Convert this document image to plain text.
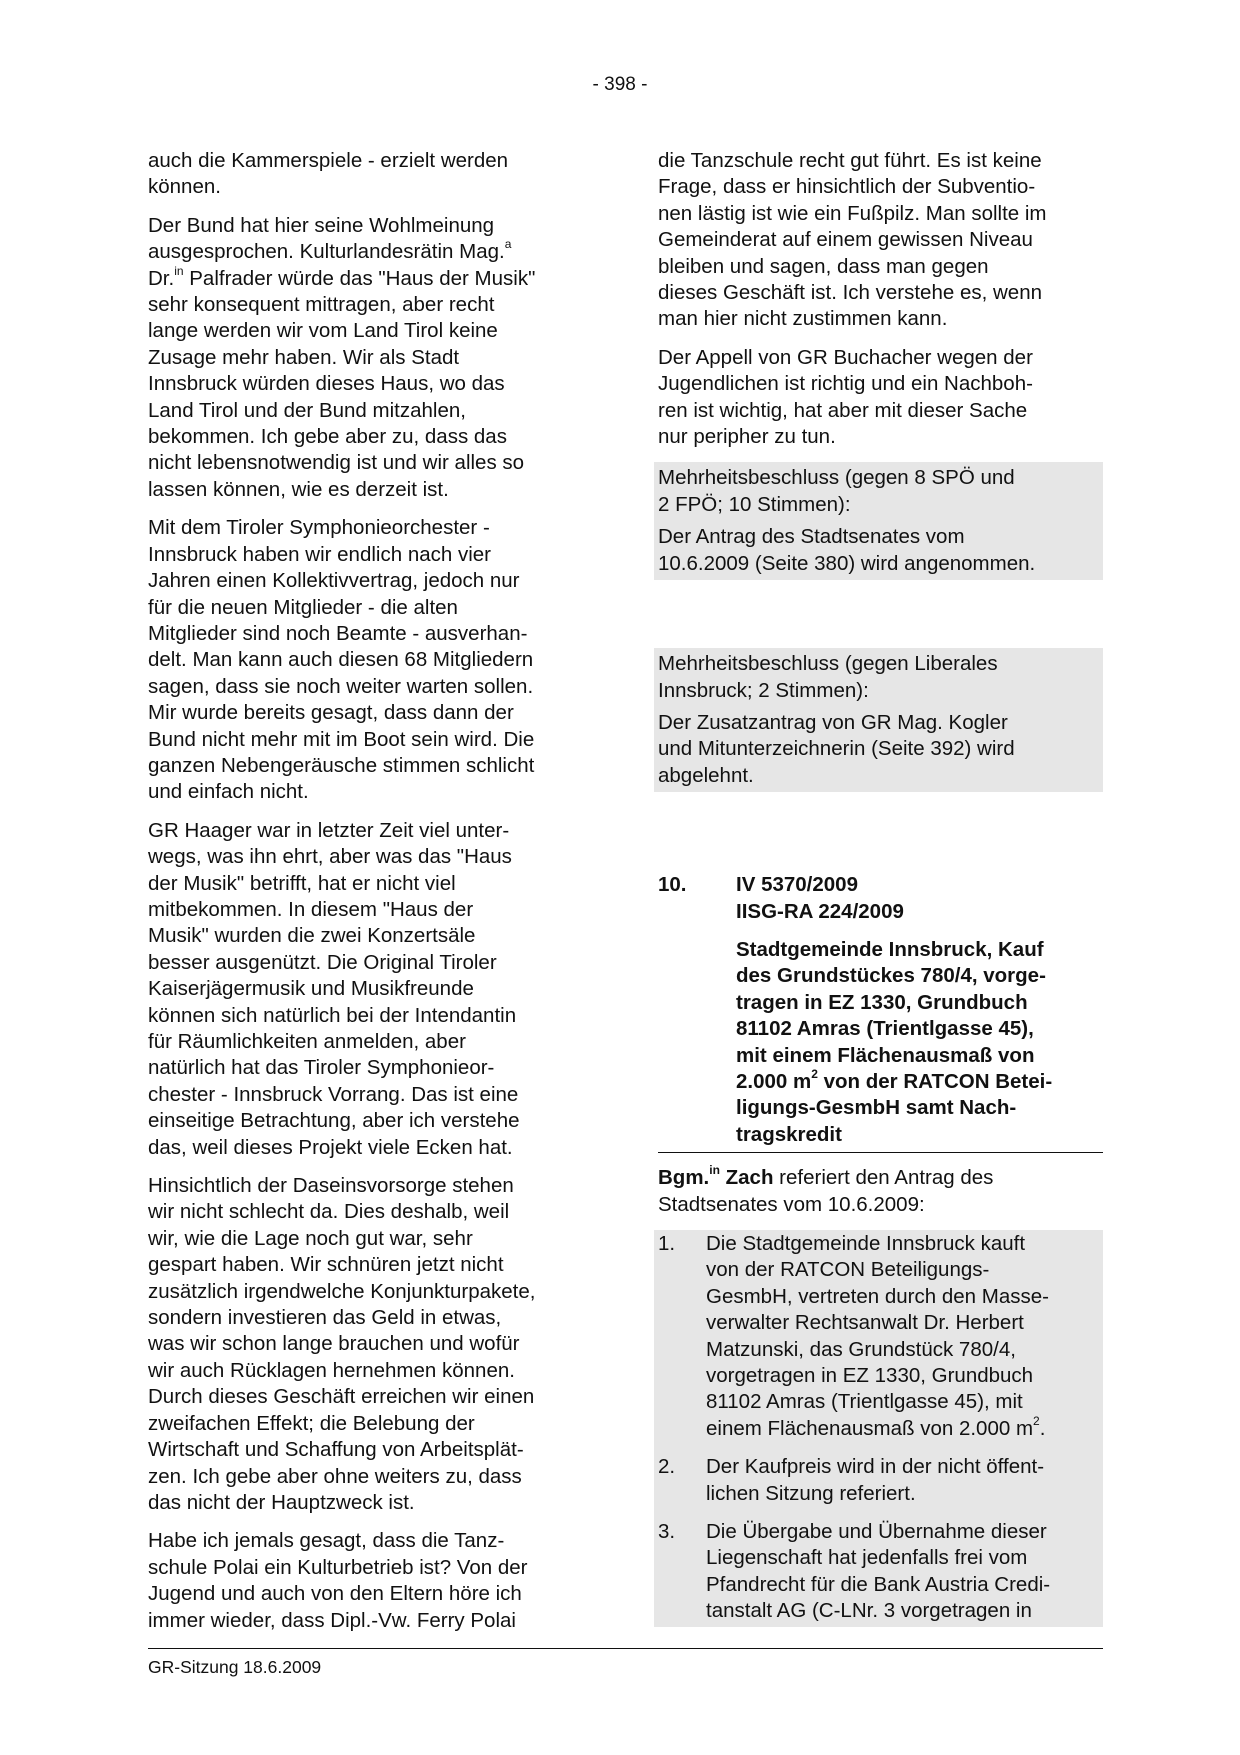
- 398 -

auch die Kammerspiele - erzielt werden
können.

Der Bund hat hier seine Wohlmeinung
ausgesprochen. Kulturlandesrätin Mag.$^a$
Dr.$^{in}$ Palfrader würde das "Haus der Musik"
sehr konsequent mittragen, aber recht
lange werden wir vom Land Tirol keine
Zusage mehr haben. Wir als Stadt
Innsbruck würden dieses Haus, wo das
Land Tirol und der Bund mitzahlen,
bekommen. Ich gebe aber zu, dass das
nicht lebensnotwendig ist und wir alles so
lassen können, wie es derzeit ist.

Mit dem Tiroler Symphonieorchester -
Innsbruck haben wir endlich nach vier
Jahren einen Kollektivvertrag, jedoch nur
für die neuen Mitglieder - die alten
Mitglieder sind noch Beamte - ausverhan-
delt. Man kann auch diesen 68 Mitgliedern
sagen, dass sie noch weiter warten sollen.
Mir wurde bereits gesagt, dass dann der
Bund nicht mehr mit im Boot sein wird. Die
ganzen Nebengeräusche stimmen schlicht
und einfach nicht.

GR Haager war in letzter Zeit viel unter-
wegs, was ihn ehrt, aber was das "Haus
der Musik" betrifft, hat er nicht viel
mitbekommen. In diesem "Haus der
Musik" wurden die zwei Konzertsäle
besser ausgenützt. Die Original Tiroler
Kaiserjägermusik und Musikfreunde
können sich natürlich bei der Intendantin
für Räumlichkeiten anmelden, aber
natürlich hat das Tiroler Symphonieor-
chester - Innsbruck Vorrang. Das ist eine
einseitige Betrachtung, aber ich verstehe
das, weil dieses Projekt viele Ecken hat.

Hinsichtlich der Daseinsvorsorge stehen
wir nicht schlecht da. Dies deshalb, weil
wir, wie die Lage noch gut war, sehr
gespart haben. Wir schnüren jetzt nicht
zusätzlich irgendwelche Konjunkturpakete,
sondern investieren das Geld in etwas,
was wir schon lange brauchen und wofür
wir auch Rücklagen hernehmen können.
Durch dieses Geschäft erreichen wir einen
zweifachen Effekt; die Belebung der
Wirtschaft und Schaffung von Arbeitsplät-
zen. Ich gebe aber ohne weiters zu, dass
das nicht der Hauptzweck ist.

Habe ich jemals gesagt, dass die Tanz-
schule Polai ein Kulturbetrieb ist? Von der
Jugend und auch von den Eltern höre ich
immer wieder, dass Dipl.-Vw. Ferry Polai

die Tanzschule recht gut führt. Es ist keine
Frage, dass er hinsichtlich der Subventio-
nen lästig ist wie ein Fußpilz. Man sollte im
Gemeinderat auf einem gewissen Niveau
bleiben und sagen, dass man gegen
dieses Geschäft ist. Ich verstehe es, wenn
man hier nicht zustimmen kann.

Der Appell von GR Buchacher wegen der
Jugendlichen ist richtig und ein Nachboh-
ren ist wichtig, hat aber mit dieser Sache
nur peripher zu tun.

Mehrheitsbeschluss (gegen 8 SPÖ und
2 FPÖ; 10 Stimmen):

Der Antrag des Stadtsenates vom
10.6.2009 (Seite 380) wird angenommen.

Mehrheitsbeschluss (gegen Liberales
Innsbruck; 2 Stimmen):

Der Zusatzantrag von GR Mag. Kogler
und Mitunterzeichnerin (Seite 392) wird
abgelehnt.

10.	IV 5370/2009
IISG-RA 224/2009
Stadtgemeinde Innsbruck, Kauf
des Grundstückes 780/4, vorge-
tragen in EZ 1330, Grundbuch
81102 Amras (Trientlgasse 45),
mit einem Flächenausmaß von
2.000 $m^2$ von der RATCON Betei-
ligungs-GesmbH samt Nach-
tragskredit

Bgm.$^{in}$ Zach referiert den Antrag des
Stadtsenates vom 10.6.2009:

1.	Die Stadtgemeinde Innsbruck kauft
von der RATCON Beteiligungs-
GesmbH, vertreten durch den Masse-
verwalter Rechtsanwalt Dr. Herbert
Matzunski, das Grundstück 780/4,
vorgetragen in EZ 1330, Grundbuch
81102 Amras (Trientlgasse 45), mit
einem Flächenausmaß von 2.000 $m^2$.
2.	Der Kaufpreis wird in der nicht öffent-
lichen Sitzung referiert.
3.	Die Übergabe und Übernahme dieser
Liegenschaft hat jedenfalls frei vom
Pfandrecht für die Bank Austria Credi-
tanstalt AG (C-LNr. 3 vorgetragen in
GR-Sitzung 18.6.2009
